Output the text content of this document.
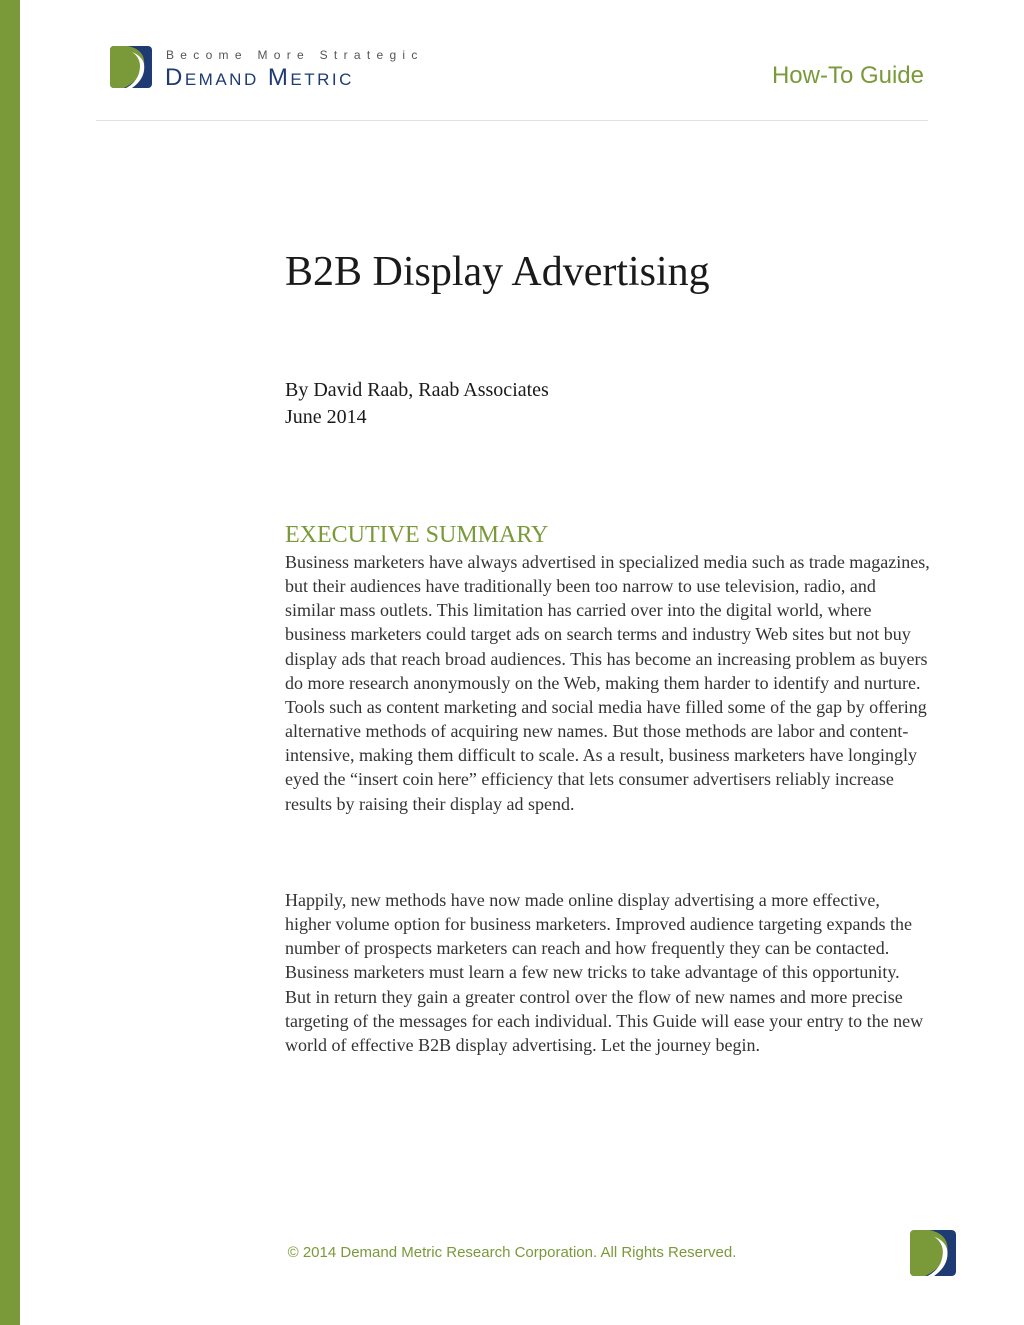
Become More Strategic
Demand Metric	How-To Guide
B2B Display Advertising
By David Raab, Raab Associates
June 2014
EXECUTIVE SUMMARY

Business marketers have always advertised in specialized media such as trade magazines, but their audiences have traditionally been too narrow to use television, radio, and similar mass outlets. This limitation has carried over into the digital world, where business marketers could target ads on search terms and industry Web sites but not buy display ads that reach broad audiences. This has become an increasing problem as buyers do more research anonymously on the Web, making them harder to identify and nurture. Tools such as content marketing and social media have filled some of the gap by offering alternative methods of acquiring new names. But those methods are labor and content-intensive, making them difficult to scale. As a result, business marketers have longingly eyed the “insert coin here” efficiency that lets consumer advertisers reliably increase results by raising their display ad spend.

Happily, new methods have now made online display advertising a more effective, higher volume option for business marketers. Improved audience targeting expands the number of prospects marketers can reach and how frequently they can be contacted. Business marketers must learn a few new tricks to take advantage of this opportunity. But in return they gain a greater control over the flow of new names and more precise targeting of the messages for each individual. This Guide will ease your entry to the new world of effective B2B display advertising. Let the journey begin.

© 2014 Demand Metric Research Corporation. All Rights Reserved.
